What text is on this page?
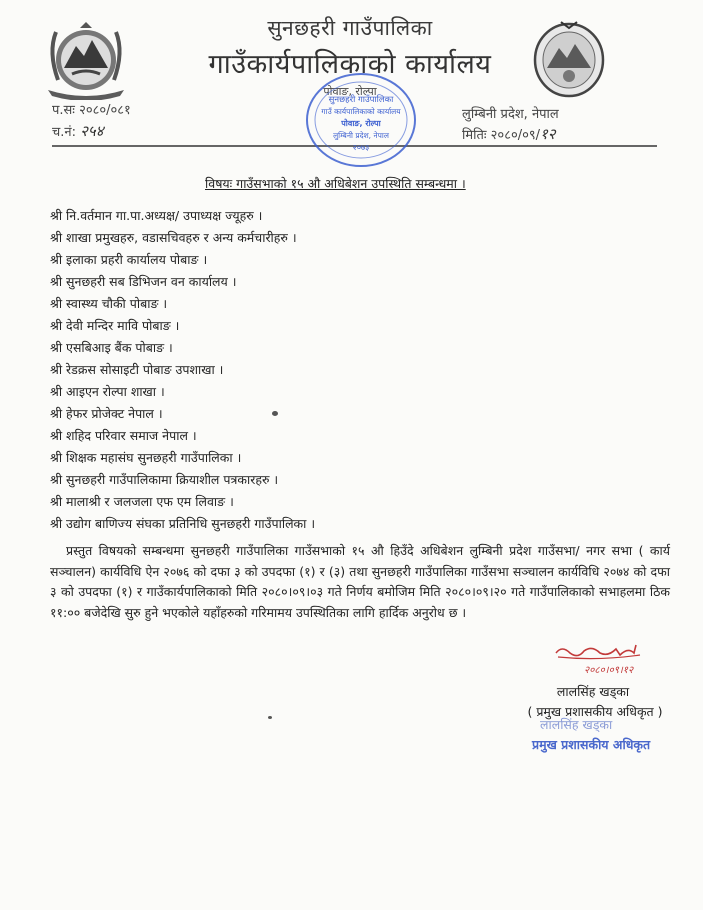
सुनछहरी गाउँपालिका
गाउँकार्यपालिकाको कार्यालय
पोवाङ, रोल्पा
प.सः २०८०/०८१
च.नं: २५४
लुम्बिनी प्रदेश, नेपाल
मितिः २०८०/०९/१२
सुनछहरी गाउँपालिका
गाउँ कार्यपालिकाको कार्यालय
पोवाङ, रोल्पा
लुम्बिनी प्रदेश, नेपाल
२०७३
विषयः गाउँसभाको १५ औ अधिबेशन उपस्थिति सम्बन्धमा ।
श्री नि.वर्तमान गा.पा.अध्यक्ष/ उपाध्यक्ष ज्यूहरु ।
श्री शाखा प्रमुखहरु, वडासचिवहरु र अन्य कर्मचारीहरु ।
श्री इलाका प्रहरी कार्यालय पोबाङ ।
श्री सुनछहरी सब डिभिजन वन कार्यालय ।
श्री स्वास्थ्य चौकी पोबाङ ।
श्री देवी मन्दिर मावि पोबाङ ।
श्री एसबिआइ बैंक पोबाङ ।
श्री रेडक्रस सोसाइटी पोबाङ उपशाखा ।
श्री आइएन रोल्पा शाखा ।
श्री हेफर प्रोजेक्ट नेपाल ।
श्री शहिद परिवार समाज नेपाल ।
श्री शिक्षक महासंघ सुनछहरी गाउँपालिका ।
श्री सुनछहरी गाउँपालिकामा क्रियाशील पत्रकारहरु ।
श्री मालाश्री र जलजला एफ एम लिवाङ ।
श्री उद्योग बाणिज्य संघका प्रतिनिधि सुनछहरी गाउँपालिका ।

प्रस्तुत विषयको सम्बन्धमा सुनछहरी गाउँपालिका गाउँसभाको १५ औ हिउँदे अधिबेशन लुम्बिनी प्रदेश गाउँसभा/ नगर सभा ( कार्य सञ्चालन) कार्यविधि ऐन २०७६ को दफा ३ को उपदफा (१) र (३) तथा सुनछहरी गाउँपालिका गाउँसभा सञ्चालन कार्यविधि २०७४ को दफा ३ को उपदफा (१) र गाउँकार्यपालिकाको मिति २०८०।०९।०३ गते निर्णय बमोजिम मिति २०८०।०९।२० गते गाउँपालिकाको सभाहलमा ठिक ११:०० बजेदेखि सुरु हुने भएकोले यहाँहरुको गरिमामय उपस्थितिका लागि हार्दिक अनुरोध छ ।

२०८०।०९।१२
लालसिंह खड्का
( प्रमुख प्रशासकीय अधिकृत )
लालसिंह खड्का
प्रमुख प्रशासकीय अधिकृत
